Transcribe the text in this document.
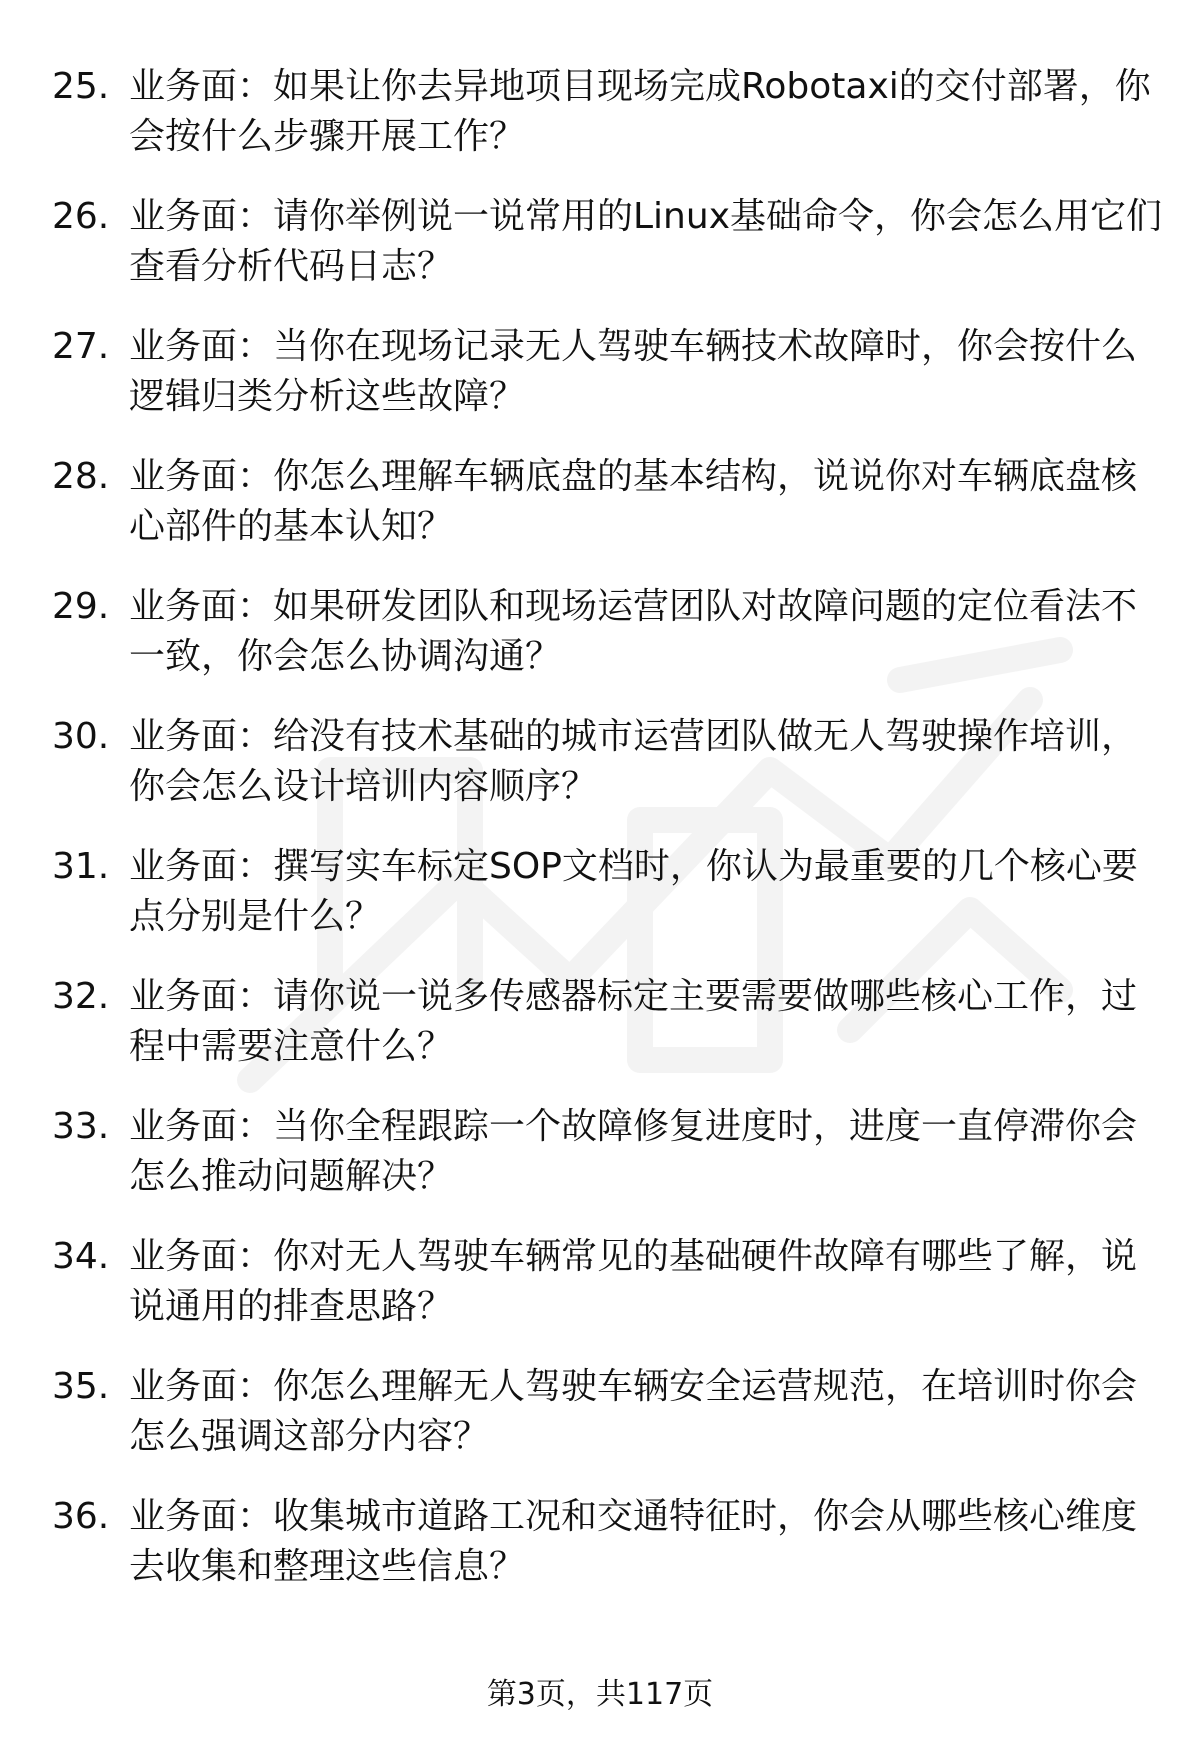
25. 业务面：如果让你去异地项目现场完成Robotaxi的交付部署，你会按什么步骤开展工作？
26. 业务面：请你举例说一说常用的Linux基础命令，你会怎么用它们查看分析代码日志？
27. 业务面：当你在现场记录无人驾驶车辆技术故障时，你会按什么逻辑归类分析这些故障？
28. 业务面：你怎么理解车辆底盘的基本结构，说说你对车辆底盘核心部件的基本认知？
29. 业务面：如果研发团队和现场运营团队对故障问题的定位看法不一致，你会怎么协调沟通？
30. 业务面：给没有技术基础的城市运营团队做无人驾驶操作培训，你会怎么设计培训内容顺序？
31. 业务面：撰写实车标定SOP文档时，你认为最重要的几个核心要点分别是什么？
32. 业务面：请你说一说多传感器标定主要需要做哪些核心工作，过程中需要注意什么？
33. 业务面：当你全程跟踪一个故障修复进度时，进度一直停滞你会怎么推动问题解决？
34. 业务面：你对无人驾驶车辆常见的基础硬件故障有哪些了解，说说通用的排查思路？
35. 业务面：你怎么理解无人驾驶车辆安全运营规范，在培训时你会怎么强调这部分内容？
36. 业务面：收集城市道路工况和交通特征时，你会从哪些核心维度去收集和整理这些信息？
第3页，共117页
